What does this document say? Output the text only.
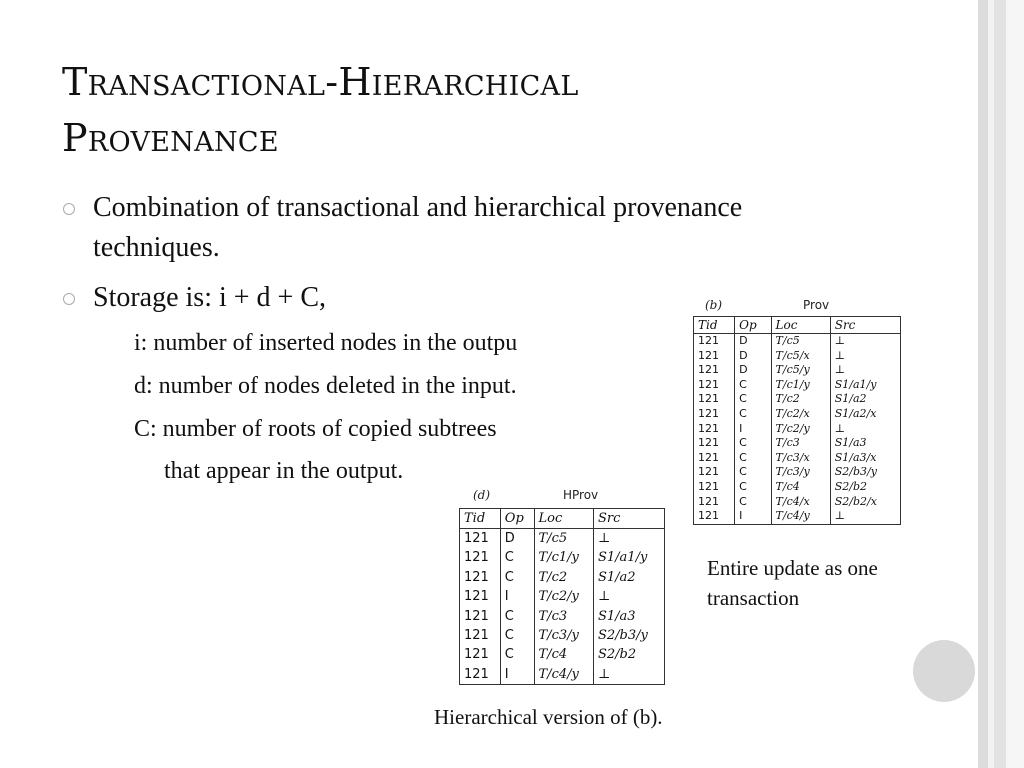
Transactional-Hierarchical
Provenance
Combination of transactional and hierarchical provenance techniques.
Storage is: i + d + C,
i: number of inserted nodes in the outpu
d: number of nodes deleted in the input.
C: number of roots of copied subtrees
that appear in the output.
(b)	Prov
Tid	Op	Loc	Src
121	D	T/c5	⊥
121	D	T/c5/x	⊥
121	D	T/c5/y	⊥
121	C	T/c1/y	S1/a1/y
121	C	T/c2	S1/a2
121	C	T/c2/x	S1/a2/x
121	I	T/c2/y	⊥
121	C	T/c3	S1/a3
121	C	T/c3/x	S1/a3/x
121	C	T/c3/y	S2/b3/y
121	C	T/c4	S2/b2
121	C	T/c4/x	S2/b2/x
121	I	T/c4/y	⊥
Entire update as one transaction
(d)	HProv
Tid	Op	Loc	Src
121	D	T/c5	⊥
121	C	T/c1/y	S1/a1/y
121	C	T/c2	S1/a2
121	I	T/c2/y	⊥
121	C	T/c3	S1/a3
121	C	T/c3/y	S2/b3/y
121	C	T/c4	S2/b2
121	I	T/c4/y	⊥
Hierarchical version of (b).
